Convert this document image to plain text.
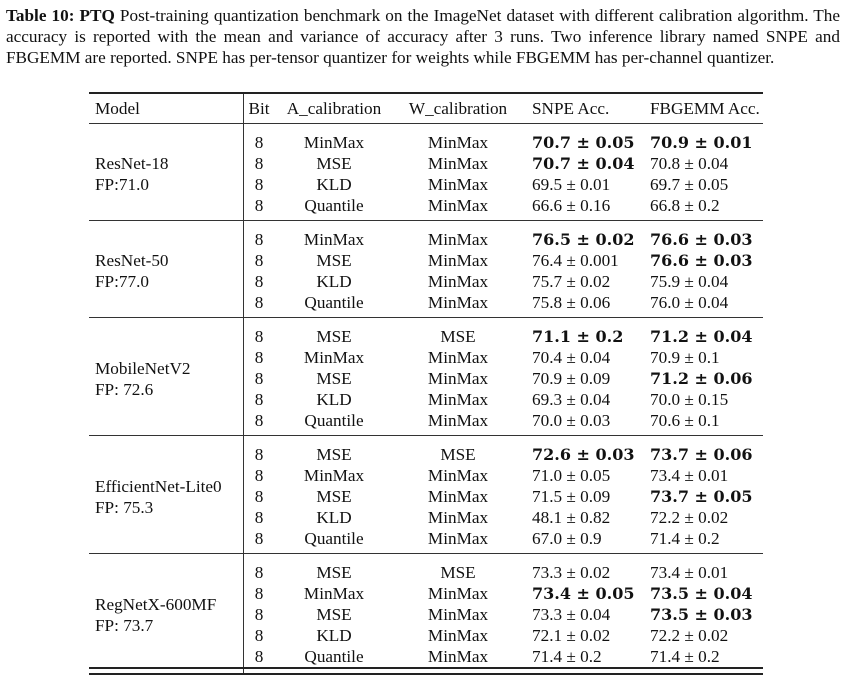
Table 10: PTQ Post-training quantization benchmark on the ImageNet dataset with different calibration algorithm. The accuracy is reported with the mean and variance of accuracy after 3 runs. Two inference library named SNPE and FBGEMM are reported. SNPE has per-tensor quantizer for weights while FBGEMM has per-channel quantizer.
Model	Bit	A_calibration	W_calibration	SNPE Acc.	FBGEMM Acc.

ResNet-18
FP:71.0	8	MinMax	MinMax	70.7 ± 0.05	70.9 ± 0.01
	8	MSE	MinMax	70.7 ± 0.04	70.8 ± 0.04
	8	KLD	MinMax	69.5 ± 0.01	69.7 ± 0.05
	8	Quantile	MinMax	66.6 ± 0.16	66.8 ± 0.2

ResNet-50
FP:77.0	8	MinMax	MinMax	76.5 ± 0.02	76.6 ± 0.03
	8	MSE	MinMax	76.4 ± 0.001	76.6 ± 0.03
	8	KLD	MinMax	75.7 ± 0.02	75.9 ± 0.04
	8	Quantile	MinMax	75.8 ± 0.06	76.0 ± 0.04

MobileNetV2
FP: 72.6	8	MSE	MSE	71.1 ± 0.2	71.2 ± 0.04
	8	MinMax	MinMax	70.4 ± 0.04	70.9 ± 0.1
	8	MSE	MinMax	70.9 ± 0.09	71.2 ± 0.06
	8	KLD	MinMax	69.3 ± 0.04	70.0 ± 0.15
	8	Quantile	MinMax	70.0 ± 0.03	70.6 ± 0.1

EfficientNet-Lite0
FP: 75.3	8	MSE	MSE	72.6 ± 0.03	73.7 ± 0.06
	8	MinMax	MinMax	71.0 ± 0.05	73.4 ± 0.01
	8	MSE	MinMax	71.5 ± 0.09	73.7 ± 0.05
	8	KLD	MinMax	48.1 ± 0.82	72.2 ± 0.02
	8	Quantile	MinMax	67.0 ± 0.9	71.4 ± 0.2

RegNetX-600MF
FP: 73.7	8	MSE	MSE	73.3 ± 0.02	73.4 ± 0.01
	8	MinMax	MinMax	73.4 ± 0.05	73.5 ± 0.04
	8	MSE	MinMax	73.3 ± 0.04	73.5 ± 0.03
	8	KLD	MinMax	72.1 ± 0.02	72.2 ± 0.02
	8	Quantile	MinMax	71.4 ± 0.2	71.4 ± 0.2
